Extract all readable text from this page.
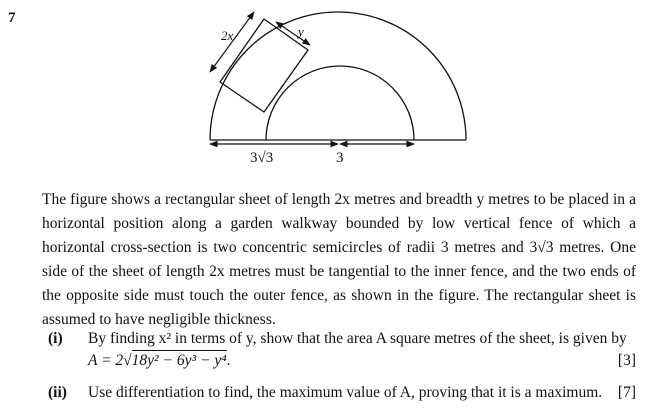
7
2x	y
3√3	3
The figure shows a rectangular sheet of length 2x metres and breadth y metres to be placed in a horizontal position along a garden walkway bounded by low vertical fence of which a horizontal cross-section is two concentric semicircles of radii 3 metres and 3√3 metres. One side of the sheet of length 2x metres must be tangential to the inner fence, and the two ends of the opposite side must touch the outer fence, as shown in the figure. The rectangular sheet is assumed to have negligible thickness.
(i) By finding x² in terms of y, show that the area A square metres of the sheet, is given by
A = 2√18y² − 6y³ − y⁴.	[3]
(ii) Use differentiation to find, the maximum value of A, proving that it is a maximum.	[7]
